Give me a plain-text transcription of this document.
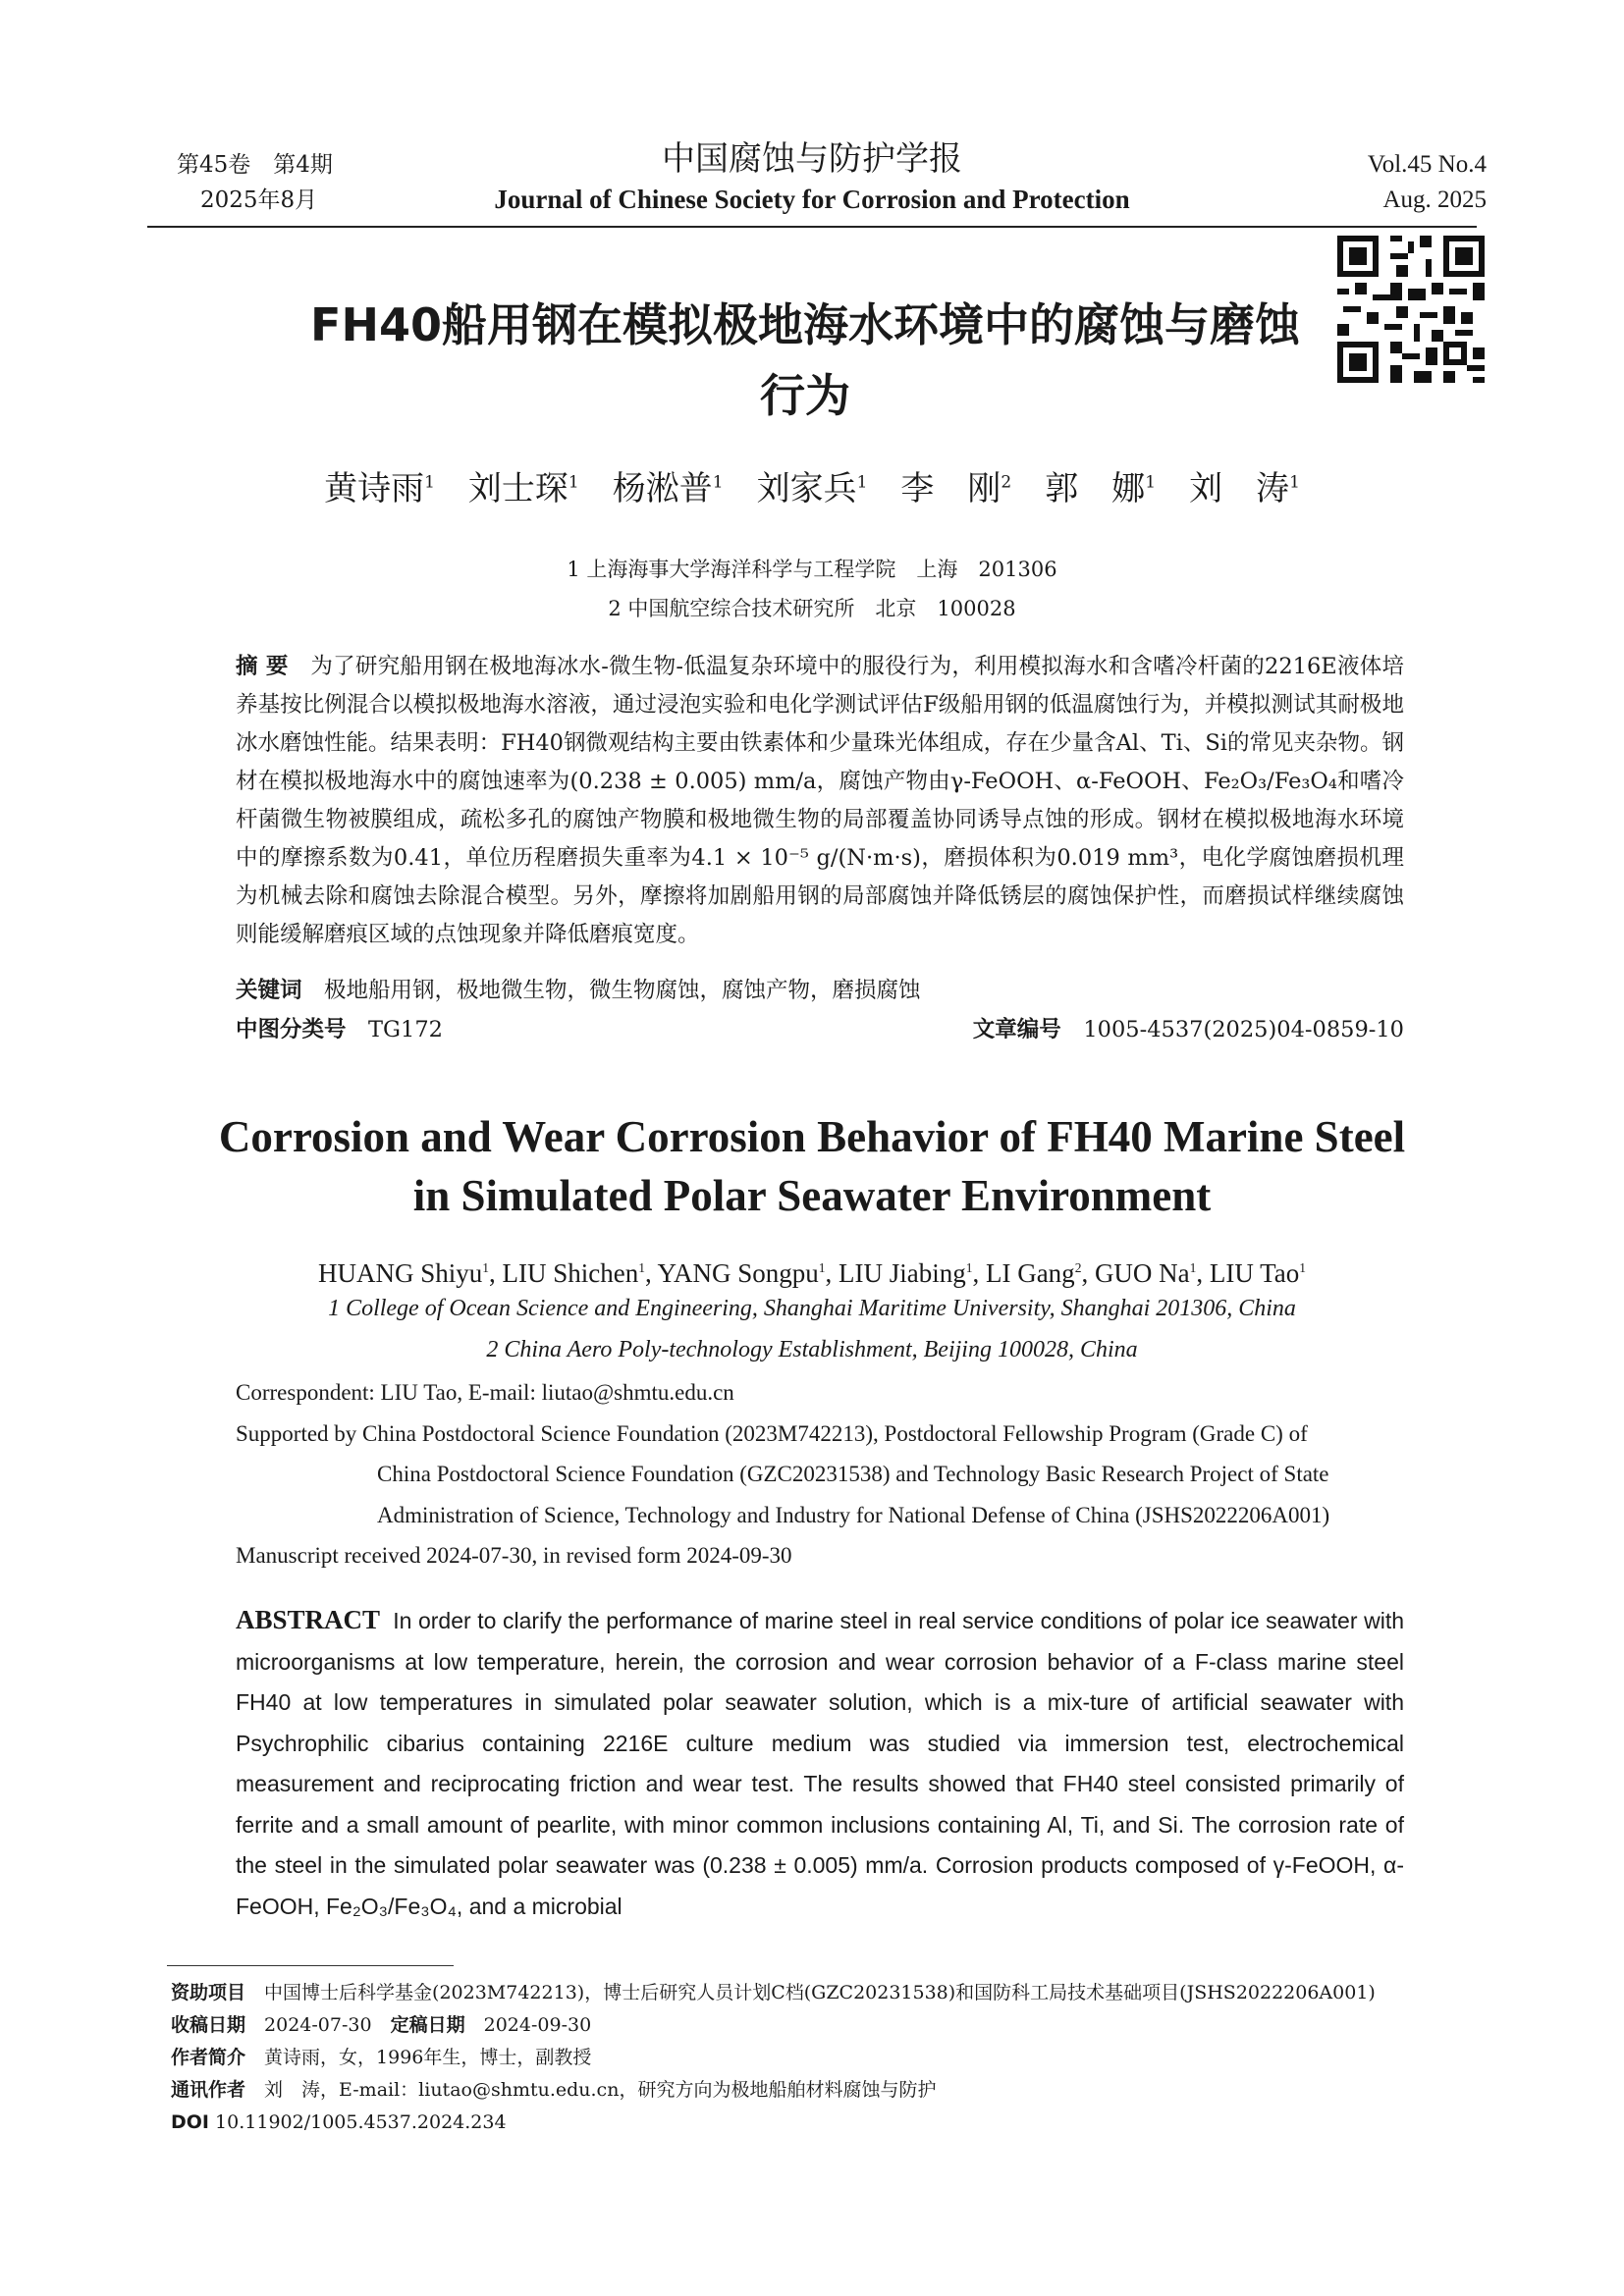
第45卷　第4期
2025年8月
中国腐蚀与防护学报
Journal of Chinese Society for Corrosion and Protection
Vol.45 No.4
Aug. 2025
FH40船用钢在模拟极地海水环境中的腐蚀与磨蚀行为
黄诗雨$^1$　 刘士琛$^1$　 杨淞普$^1$　 刘家兵$^1$　 李　刚$^2$　 郭　娜$^1$　 刘　涛$^1$
1 上海海事大学海洋科学与工程学院　上海　201306
2 中国航空综合技术研究所　北京　100028
摘 要　 为了研究船用钢在极地海冰水-微生物-低温复杂环境中的服役行为，利用模拟海水和含嗜冷杆菌的2216E液体培养基按比例混合以模拟极地海水溶液，通过浸泡实验和电化学测试评估F级船用钢的低温腐蚀行为，并模拟测试其耐极地冰水磨蚀性能。结果表明：FH40钢微观结构主要由铁素体和少量珠光体组成，存在少量含Al、Ti、Si的常见夹杂物。钢材在模拟极地海水中的腐蚀速率为(0.238 ± 0.005) mm/a，腐蚀产物由γ-FeOOH、α-FeOOH、Fe₂O₃/Fe₃O₄和嗜冷杆菌微生物被膜组成，疏松多孔的腐蚀产物膜和极地微生物的局部覆盖协同诱导点蚀的形成。钢材在模拟极地海水环境中的摩擦系数为0.41，单位历程磨损失重率为4.1 × 10⁻⁵ g/(N·m·s)，磨损体积为0.019 mm³，电化学腐蚀磨损机理为机械去除和腐蚀去除混合模型。另外，摩擦将加剧船用钢的局部腐蚀并降低锈层的腐蚀保护性，而磨损试样继续腐蚀则能缓解磨痕区域的点蚀现象并降低磨痕宽度。
关键词　 极地船用钢，极地微生物，微生物腐蚀，腐蚀产物，磨损腐蚀
中图分类号　 TG172	文章编号　 1005-4537(2025)04-0859-10
Corrosion and Wear Corrosion Behavior of FH40 Marine Steel in Simulated Polar Seawater Environment
HUANG Shiyu$^1$, LIU Shichen$^1$, YANG Songpu$^1$, LIU Jiabing$^1$, LI Gang$^2$, GUO Na$^1$, LIU Tao$^1$
1 College of Ocean Science and Engineering, Shanghai Maritime University, Shanghai 201306, China
2 China Aero Poly-technology Establishment, Beijing 100028, China
Correspondent: LIU Tao, E-mail: liutao@shmtu.edu.cn
Supported by China Postdoctoral Science Foundation (2023M742213), Postdoctoral Fellowship Program (Grade C) of
China Postdoctoral Science Foundation (GZC20231538) and Technology Basic Research Project of State
Administration of Science, Technology and Industry for National Defense of China (JSHS2022206A001)
Manuscript received 2024-07-30, in revised form 2024-09-30
ABSTRACT In order to clarify the performance of marine steel in real service conditions of polar ice seawater with microorganisms at low temperature, herein, the corrosion and wear corrosion behavior of a F-class marine steel FH40 at low temperatures in simulated polar seawater solution, which is a mix-ture of artificial seawater with Psychrophilic cibarius containing 2216E culture medium was studied via immersion test, electrochemical measurement and reciprocating friction and wear test. The results showed that FH40 steel consisted primarily of ferrite and a small amount of pearlite, with minor common inclusions containing Al, Ti, and Si. The corrosion rate of the steel in the simulated polar seawater was (0.238 ± 0.005) mm/a. Corrosion products composed of γ-FeOOH, α-FeOOH, Fe₂O₃/Fe₃O₄, and a microbial
资助项目　 中国博士后科学基金(2023M742213)，博士后研究人员计划C档(GZC20231538)和国防科工局技术基础项目(JSHS2022206A001)
收稿日期　 2024-07-30　 定稿日期　 2024-09-30
作者简介　 黄诗雨，女，1996年生，博士，副教授
通讯作者　 刘　涛，E-mail：liutao@shmtu.edu.cn，研究方向为极地船舶材料腐蚀与防护
DOI 10.11902/1005.4537.2024.234
